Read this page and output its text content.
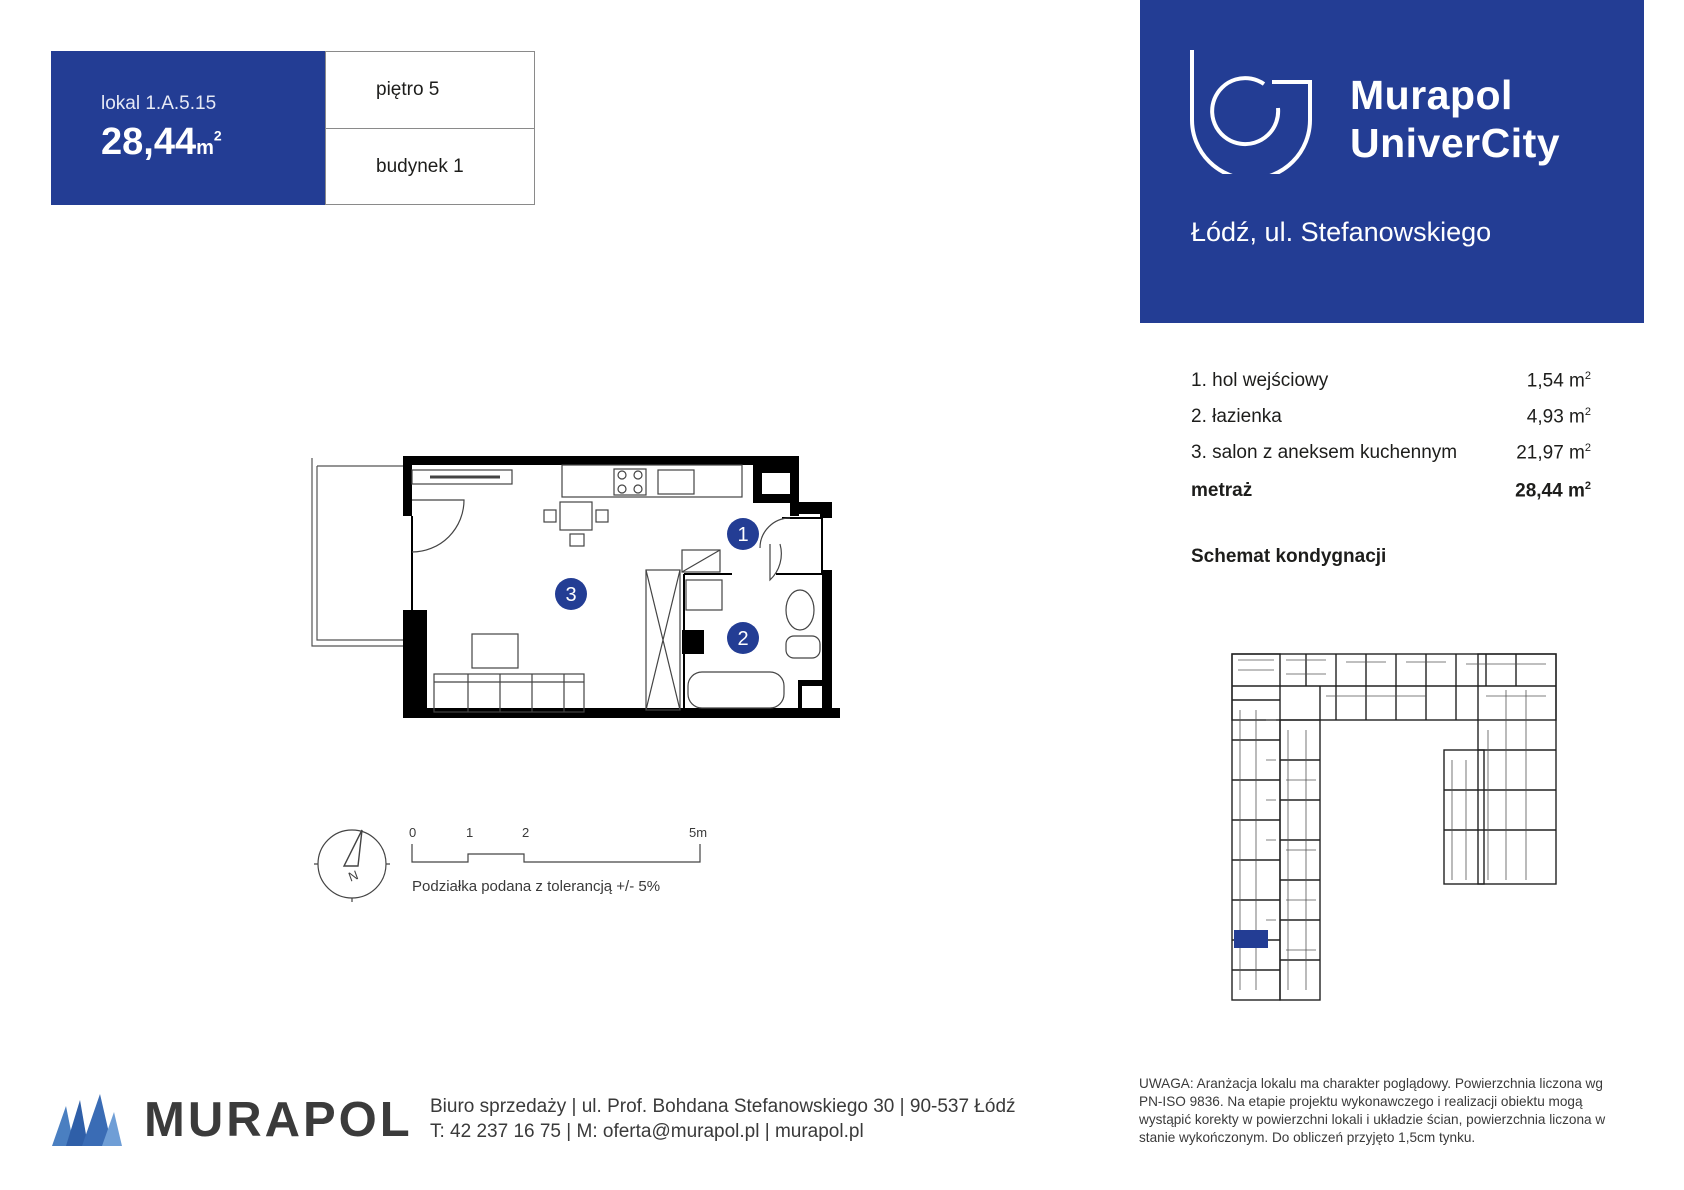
lokal 1.A.5.15
$28,44m^2$
piętro 5
budynek 1
Murapol
UniverCity
Łódź, ul. Stefanowskiego
1. hol wejściowy	1,54 $m^2$
2. łazienka	4,93 $m^2$
3. salon z aneksem kuchennym	21,97 $m^2$
metraż	28,44 $m^2$
Schemat kondygnacji
1
2
3
N
0	1	2	5m
Podziałka podana z tolerancją +/- 5%
MURAPOL Biuro sprzedaży | ul. Prof. Bohdana Stefanowskiego 30 | 90-537 Łódź
T: 42 237 16 75 | M: oferta@murapol.pl | murapol.pl
UWAGA: Aranżacja lokalu ma charakter poglądowy. Powierzchnia liczona wg PN-ISO 9836. Na etapie projektu wykonawczego i realizacji obiektu mogą wystąpić korekty w powierzchni lokali i układzie ścian, powierzchnia liczona w stanie wykończonym. Do obliczeń przyjęto 1,5cm tynku.
